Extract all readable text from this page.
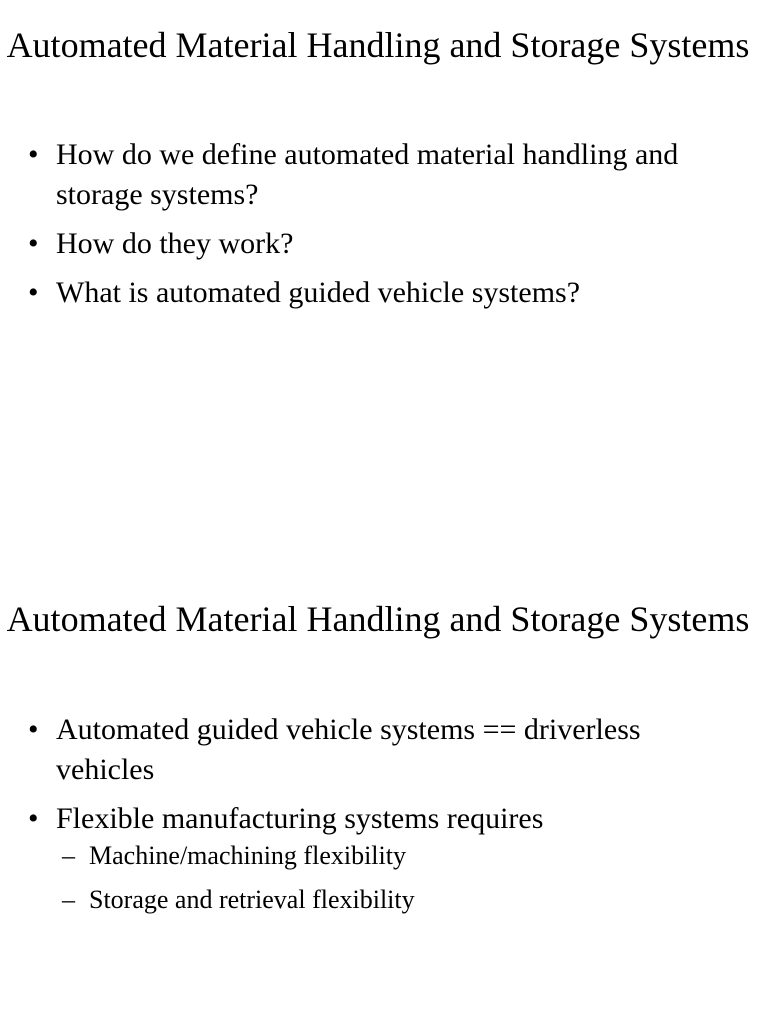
Automated Material Handling and Storage Systems
• How do we define automated material handling and storage systems?
• How do they work?
• What is automated guided vehicle systems?
Automated Material Handling and Storage Systems
• Automated guided vehicle systems == driverless vehicles
• Flexible manufacturing systems requires
– Machine/machining flexibility
– Storage and retrieval flexibility
